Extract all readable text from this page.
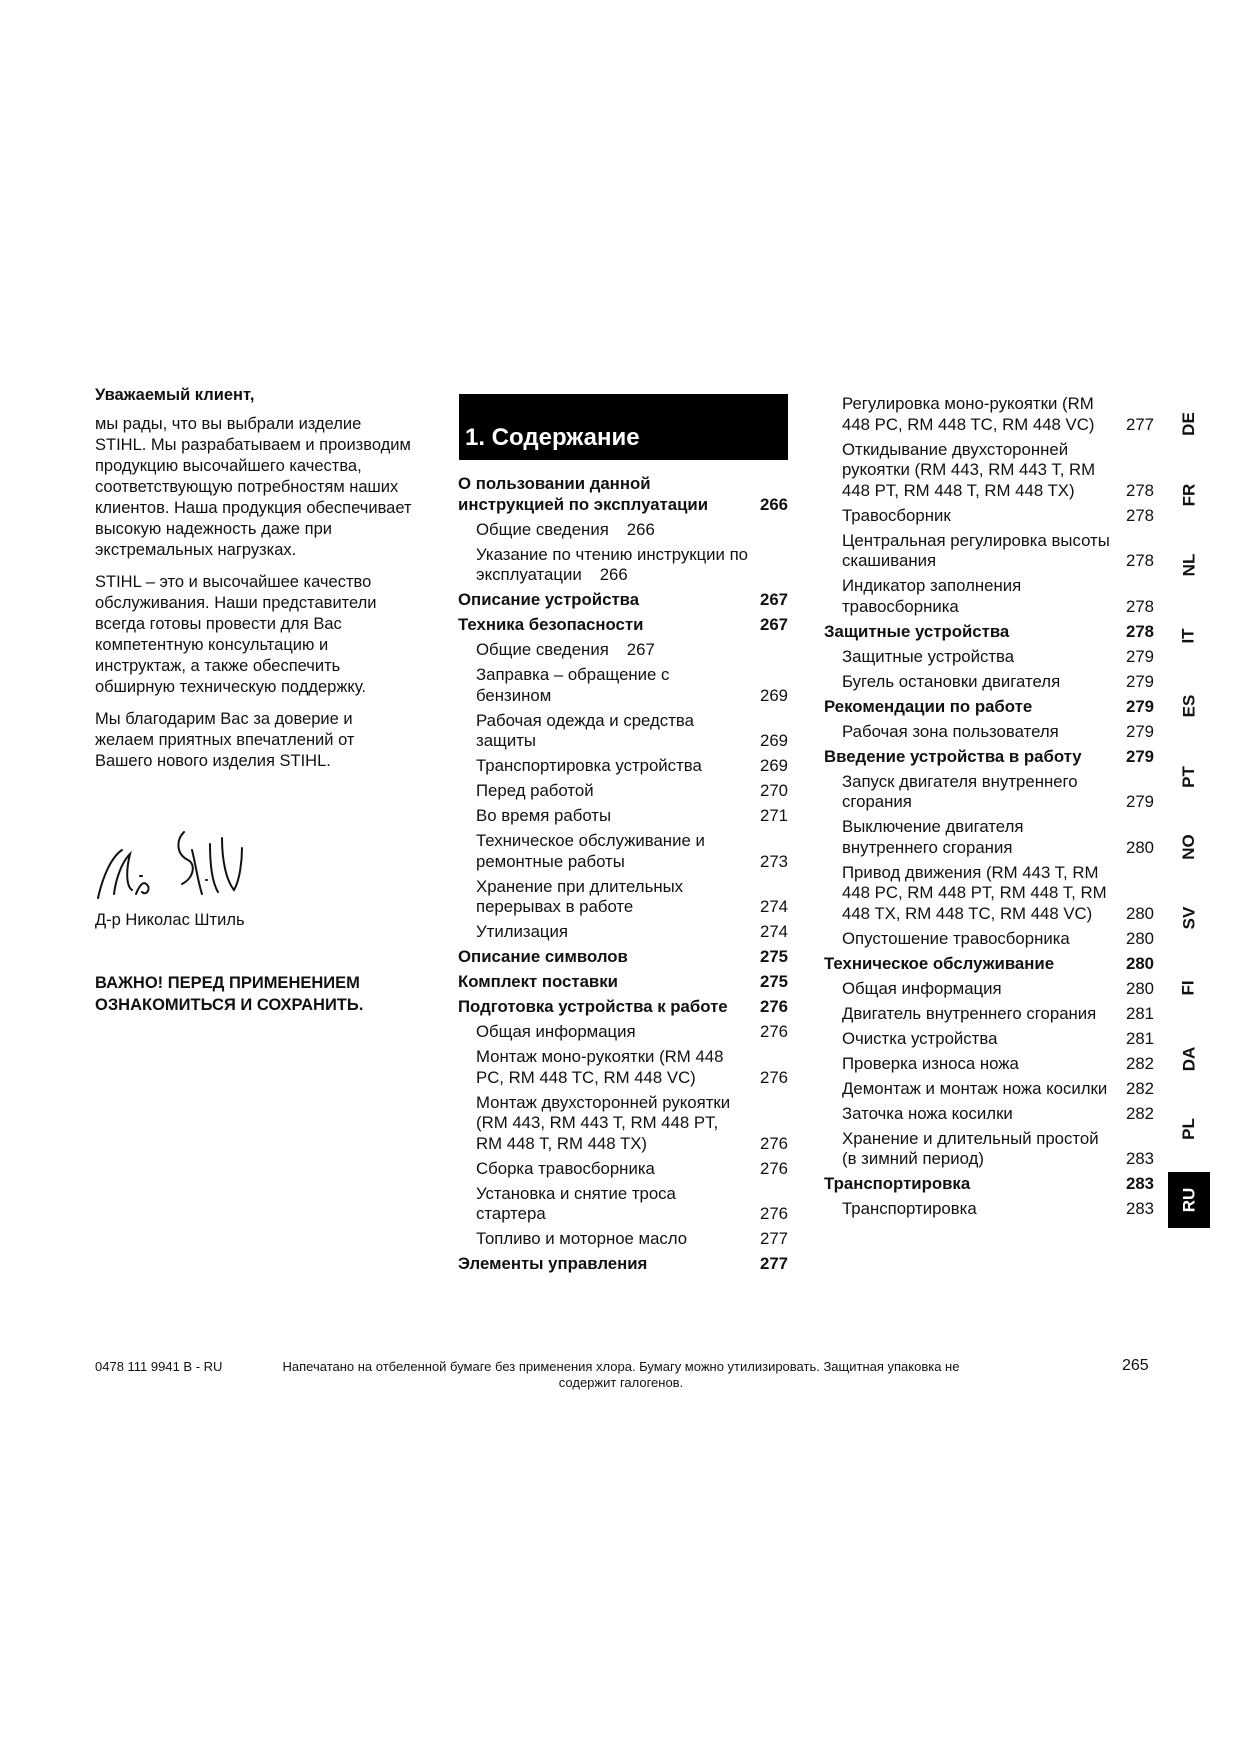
Уважаемый клиент,

мы рады, что вы выбрали изделие STIHL. Мы разрабатываем и производим продукцию высочайшего качества, соответствующую потребностям наших клиентов. Наша продукция обеспечивает высокую надежность даже при экстремальных нагрузках.

STIHL – это и высочайшее качество обслуживания. Наши представители всегда готовы провести для Вас компетентную консультацию и инструктаж, а также обеспечить обширную техническую поддержку.

Мы благодарим Вас за доверие и желаем приятных впечатлений от Вашего нового изделия STIHL.

Д-р Николас Штиль
ВАЖНО! ПЕРЕД ПРИМЕНЕНИЕМ ОЗНАКОМИТЬСЯ И СОХРАНИТЬ.
1. Содержание
О пользовании данной инструкцией по эксплуатации	266
Общие сведения 266
Указание по чтению инструкции по эксплуатации 266
Описание устройства	267
Техника безопасности	267
Общие сведения 267
Заправка – обращение с бензином	269
Рабочая одежда и средства защиты	269
Транспортировка устройства	269
Перед работой	270
Во время работы	271
Техническое обслуживание и ремонтные работы	273
Хранение при длительных перерывах в работе	274
Утилизация	274
Описание символов	275
Комплект поставки	275
Подготовка устройства к работе	276
Общая информация	276
Монтаж моно-рукоятки (RM 448 PC, RM 448 TC, RM 448 VC)	276
Монтаж двухсторонней рукоятки (RM 443, RM 443 T, RM 448 PT, RM 448 T, RM 448 TX)	276
Сборка травосборника	276
Установка и снятие троса стартера	276
Топливо и моторное масло	277
Элементы управления	277
Регулировка моно-рукоятки (RM 448 PC, RM 448 TC, RM 448 VC)	277
Откидывание двухсторонней рукоятки (RM 443, RM 443 T, RM 448 PT, RM 448 T, RM 448 TX)	278
Травосборник	278
Центральная регулировка высоты скашивания	278
Индикатор заполнения травосборника	278
Защитные устройства	278
Защитные устройства	279
Бугель остановки двигателя	279
Рекомендации по работе	279
Рабочая зона пользователя	279
Введение устройства в работу	279
Запуск двигателя внутреннего сгорания	279
Выключение двигателя внутреннего сгорания	280
Привод движения (RM 443 T, RM 448 PC, RM 448 PT, RM 448 T, RM 448 TX, RM 448 TC, RM 448 VC)	280
Опустошение травосборника	280
Техническое обслуживание	280
Общая информация	280
Двигатель внутреннего сгорания	281
Очистка устройства	281
Проверка износа ножа	282
Демонтаж и монтаж ножа косилки	282
Заточка ножа косилки	282
Хранение и длительный простой (в зимний период)	283
Транспортировка	283
Транспортировка	283
DE
FR
NL
IT
ES
PT
NO
SV
FI
DA
PL
RU
0478 111 9941 B - RU	Напечатано на отбеленной бумаге без применения хлора. Бумагу можно утилизировать. Защитная упаковка не содержит галогенов.
265
